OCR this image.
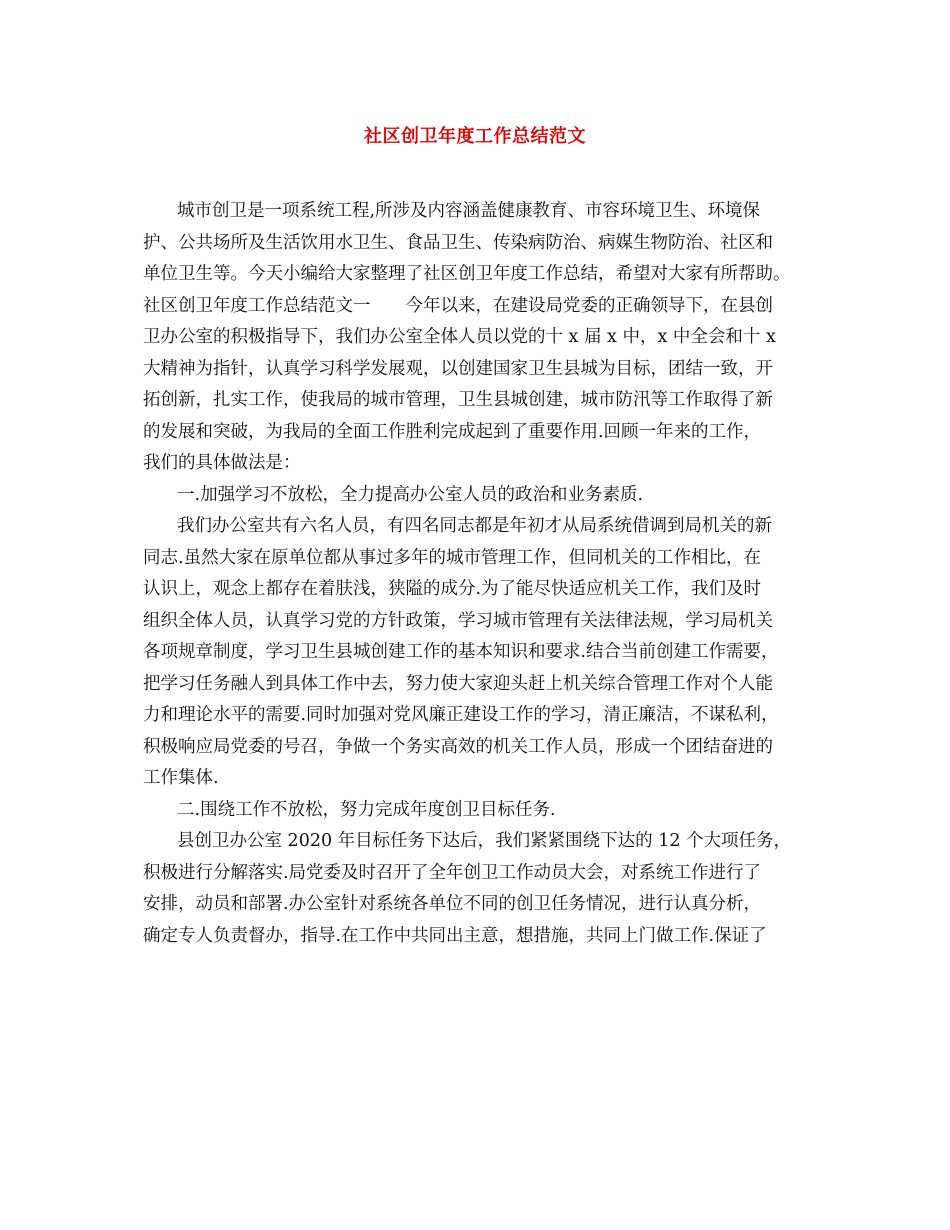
社区创卫年度工作总结范文
城市创卫是一项系统工程,所涉及内容涵盖健康教育、市容环境卫生、环境保
护、公共场所及生活饮用水卫生、食品卫生、传染病防治、病媒生物防治、社区和
单位卫生等。今天小编给大家整理了社区创卫年度工作总结，希望对大家有所帮助。
社区创卫年度工作总结范文一　　今年以来，在建设局党委的正确领导下，在县创
卫办公室的积极指导下，我们办公室全体人员以党的十 x 届 x 中，x 中全会和十 x
大精神为指针，认真学习科学发展观，以创建国家卫生县城为目标，团结一致，开
拓创新，扎实工作，使我局的城市管理，卫生县城创建，城市防汛等工作取得了新
的发展和突破，为我局的全面工作胜利完成起到了重要作用.回顾一年来的工作，
我们的具体做法是：
一.加强学习不放松，全力提高办公室人员的政治和业务素质.
我们办公室共有六名人员，有四名同志都是年初才从局系统借调到局机关的新
同志.虽然大家在原单位都从事过多年的城市管理工作，但同机关的工作相比，在
认识上，观念上都存在着肤浅，狭隘的成分.为了能尽快适应机关工作，我们及时
组织全体人员，认真学习党的方针政策，学习城市管理有关法律法规，学习局机关
各项规章制度，学习卫生县城创建工作的基本知识和要求.结合当前创建工作需要，
把学习任务融人到具体工作中去，努力使大家迎头赶上机关综合管理工作对个人能
力和理论水平的需要.同时加强对党风廉正建设工作的学习，清正廉洁，不谋私利，
积极响应局党委的号召，争做一个务实高效的机关工作人员，形成一个团结奋进的
工作集体.
二.围绕工作不放松，努力完成年度创卫目标任务.
县创卫办公室 2020 年目标任务下达后，我们紧紧围绕下达的 12 个大项任务，
积极进行分解落实.局党委及时召开了全年创卫工作动员大会，对系统工作进行了
安排，动员和部署.办公室针对系统各单位不同的创卫任务情况，进行认真分析，
确定专人负责督办，指导.在工作中共同出主意，想措施，共同上门做工作.保证了
